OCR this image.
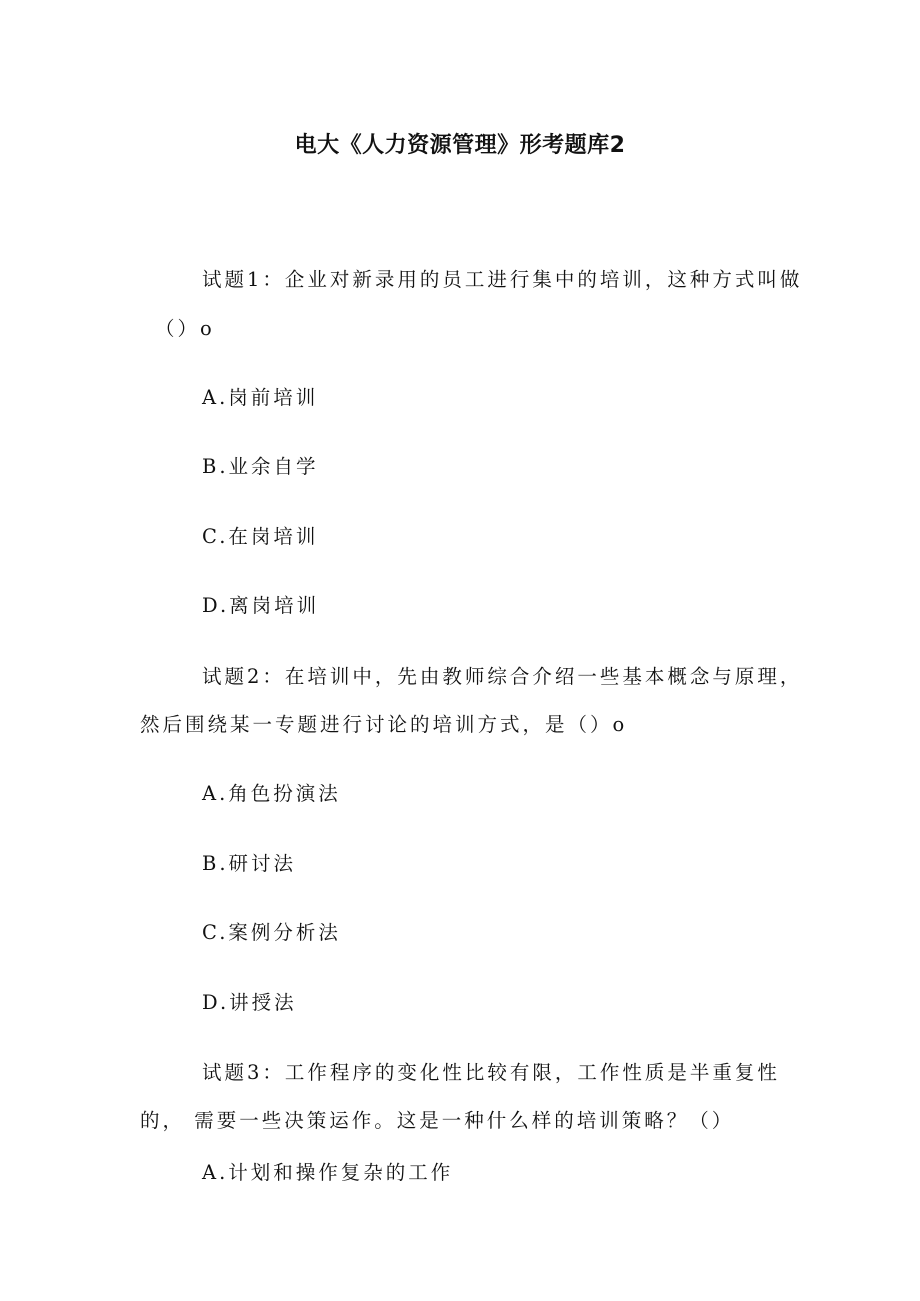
电大《人力资源管理》形考题库2
试题1：企业对新录用的员工进行集中的培训，这种方式叫做
（）o
A.岗前培训
B.业余自学
C.在岗培训
D.离岗培训
试题2：在培训中，先由教师综合介绍一些基本概念与原理，
然后围绕某一专题进行讨论的培训方式，是（）o
A.角色扮演法
B.研讨法
C.案例分析法
D.讲授法
试题3：工作程序的变化性比较有限，工作性质是半重复性
的， 需要一些决策运作。这是一种什么样的培训策略？（）
A.计划和操作复杂的工作
